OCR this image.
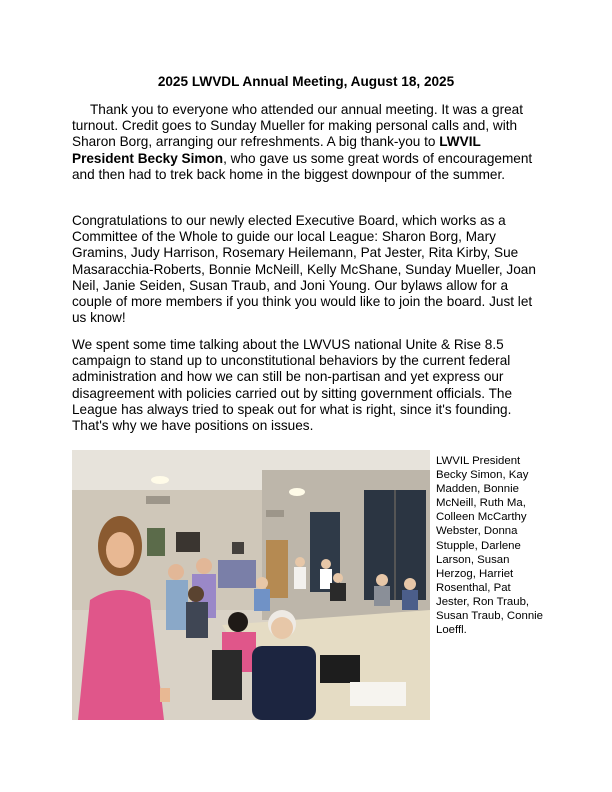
2025 LWVDL Annual Meeting, August 18, 2025
Thank you to everyone who attended our annual meeting. It was a great turnout. Credit goes to Sunday Mueller for making personal calls and, with Sharon Borg, arranging our refreshments. A big thank-you to LWVIL President Becky Simon, who gave us some great words of encouragement and then had to trek back home in the biggest downpour of the summer.
Congratulations to our newly elected Executive Board, which works as a Committee of the Whole to guide our local League: Sharon Borg, Mary Gramins, Judy Harrison, Rosemary Heilemann, Pat Jester, Rita Kirby, Sue Masaracchia-Roberts, Bonnie McNeill, Kelly McShane, Sunday Mueller, Joan Neil, Janie Seiden, Susan Traub, and Joni Young. Our bylaws allow for a couple of more members if you think you would like to join the board. Just let us know!
We spent some time talking about the LWVUS national Unite & Rise 8.5 campaign to stand up to unconstitutional behaviors by the current federal administration and how we can still be non-partisan and yet express our disagreement with policies carried out by sitting government officials. The League has always tried to speak out for what is right, since it's founding. That's why we have positions on issues.
LWVIL President Becky Simon, Kay Madden, Bonnie McNeill, Ruth Ma, Colleen McCarthy Webster, Donna Stupple, Darlene Larson, Susan Herzog, Harriet Rosenthal, Pat Jester, Ron Traub, Susan Traub, Connie Loeffl.
